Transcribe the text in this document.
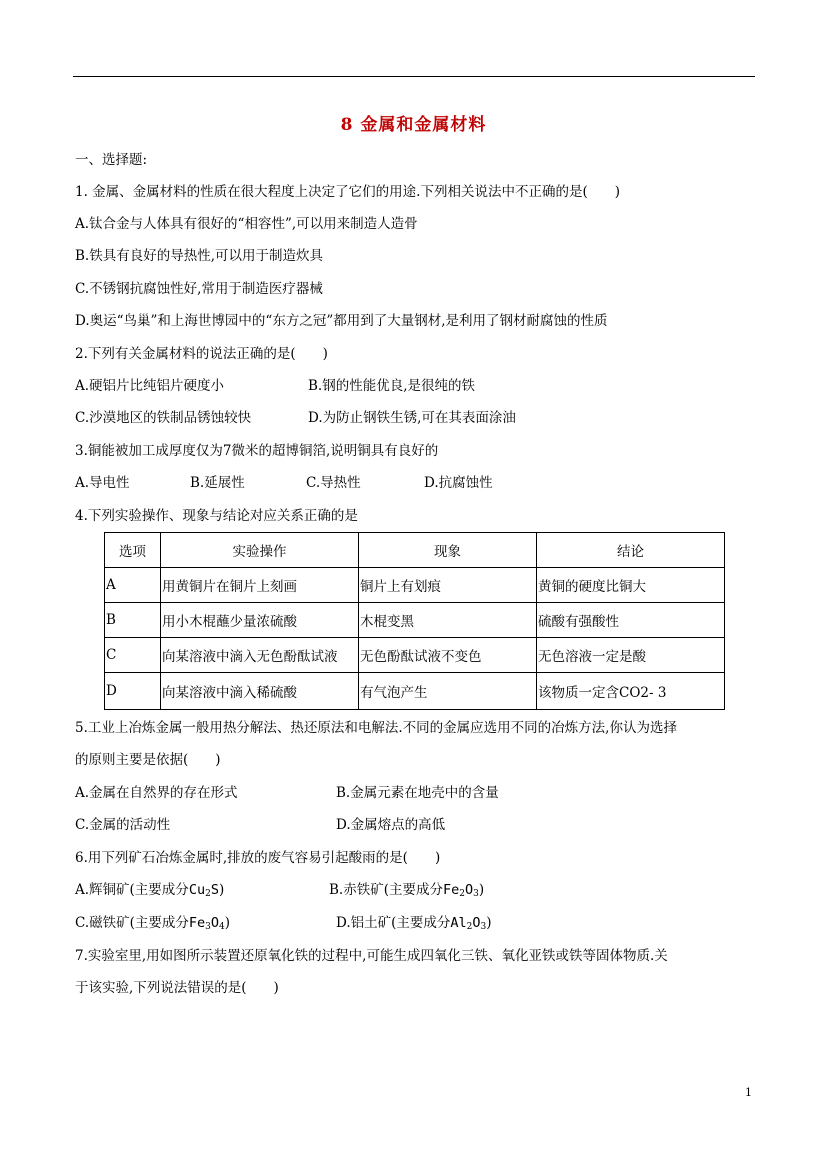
8 金属和金属材料
一、选择题:
1. 金属、金属材料的性质在很大程度上决定了它们的用途.下列相关说法中不正确的是(　　)
A.钛合金与人体具有很好的“相容性”,可以用来制造人造骨
B.铁具有良好的导热性,可以用于制造炊具
C.不锈钢抗腐蚀性好,常用于制造医疗器械
D.奥运“鸟巢”和上海世博园中的“东方之冠”都用到了大量钢材,是利用了钢材耐腐蚀的性质
2.下列有关金属材料的说法正确的是(　　)
A.硬铝片比纯铝片硬度小	B.钢的性能优良,是很纯的铁
C.沙漠地区的铁制品锈蚀较快	D.为防止钢铁生锈,可在其表面涂油
3.铜能被加工成厚度仅为7微米的超博铜箔,说明铜具有良好的
A.导电性	B.延展性	C.导热性	D.抗腐蚀性
4.下列实验操作、现象与结论对应关系正确的是
选项	实验操作	现象	结论
A	用黄铜片在铜片上刻画	铜片上有划痕	黄铜的硬度比铜大
B	用小木棍蘸少量浓硫酸	木棍变黑	硫酸有强酸性
C	向某溶液中滴入无色酚酞试液	无色酚酞试液不变色	无色溶液一定是酸
D	向某溶液中滴入稀硫酸	有气泡产生	该物质一定含CO2- 3
5.工业上冶炼金属一般用热分解法、热还原法和电解法.不同的金属应选用不同的冶炼方法,你认为选择
的原则主要是依据(　　)
A.金属在自然界的存在形式	B.金属元素在地壳中的含量
C.金属的活动性	D.金属熔点的高低
6.用下列矿石冶炼金属时,排放的废气容易引起酸雨的是(　　)
A.辉铜矿(主要成分$Cu_2S$)	B.赤铁矿(主要成分$Fe_2O_3$)
C.磁铁矿(主要成分$Fe_3O_4$)	D.铝土矿(主要成分$Al_2O_3$)
7.实验室里,用如图所示装置还原氧化铁的过程中,可能生成四氧化三铁、氧化亚铁或铁等固体物质.关
于该实验,下列说法错误的是(　　)
1
